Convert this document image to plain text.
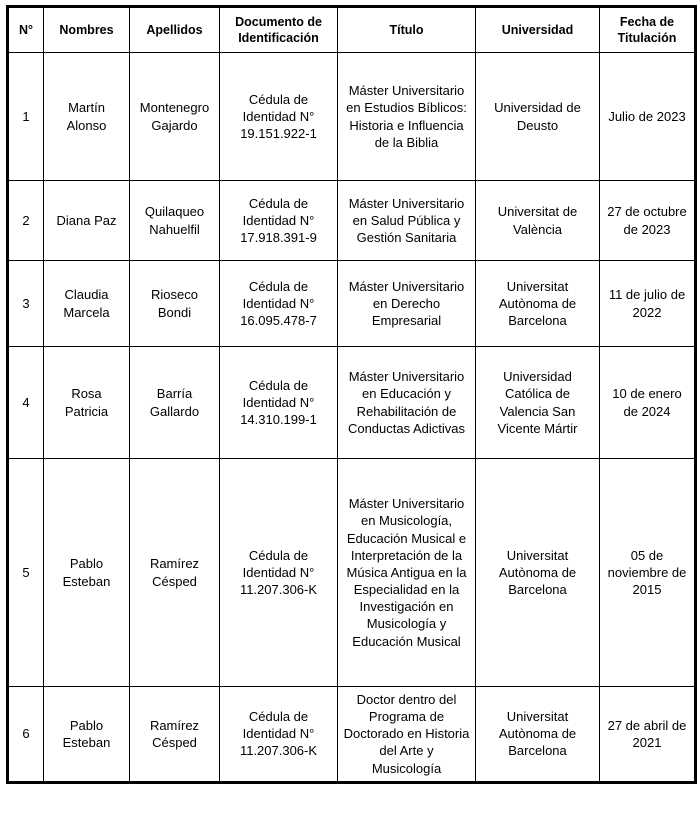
N°	Nombres	Apellidos	Documento de Identificación	Título	Universidad	Fecha de Titulación
1	Martín Alonso	Montenegro Gajardo	Cédula de Identidad N° 19.151.922-1	Máster Universitario en Estudios Bíblicos: Historia e Influencia de la Biblia	Universidad de Deusto	Julio de 2023
2	Diana Paz	Quilaqueo Nahuelfil	Cédula de Identidad N° 17.918.391-9	Máster Universitario en Salud Pública y Gestión Sanitaria	Universitat de València	27 de octubre de 2023
3	Claudia Marcela	Rioseco Bondi	Cédula de Identidad N° 16.095.478-7	Máster Universitario en Derecho Empresarial	Universitat Autònoma de Barcelona	11 de julio de 2022
4	Rosa Patricia	Barría Gallardo	Cédula de Identidad N° 14.310.199-1	Máster Universitario en Educación y Rehabilitación de Conductas Adictivas	Universidad Católica de Valencia San Vicente Mártir	10 de enero de 2024
5	Pablo Esteban	Ramírez Césped	Cédula de Identidad N° 11.207.306-K	Máster Universitario en Musicología, Educación Musical e Interpretación de la Música Antigua en la Especialidad en la Investigación en Musicología y Educación Musical	Universitat Autònoma de Barcelona	05 de noviembre de 2015
6	Pablo Esteban	Ramírez Césped	Cédula de Identidad N° 11.207.306-K	Doctor dentro del Programa de Doctorado en Historia del Arte y Musicología	Universitat Autònoma de Barcelona	27 de abril de 2021
